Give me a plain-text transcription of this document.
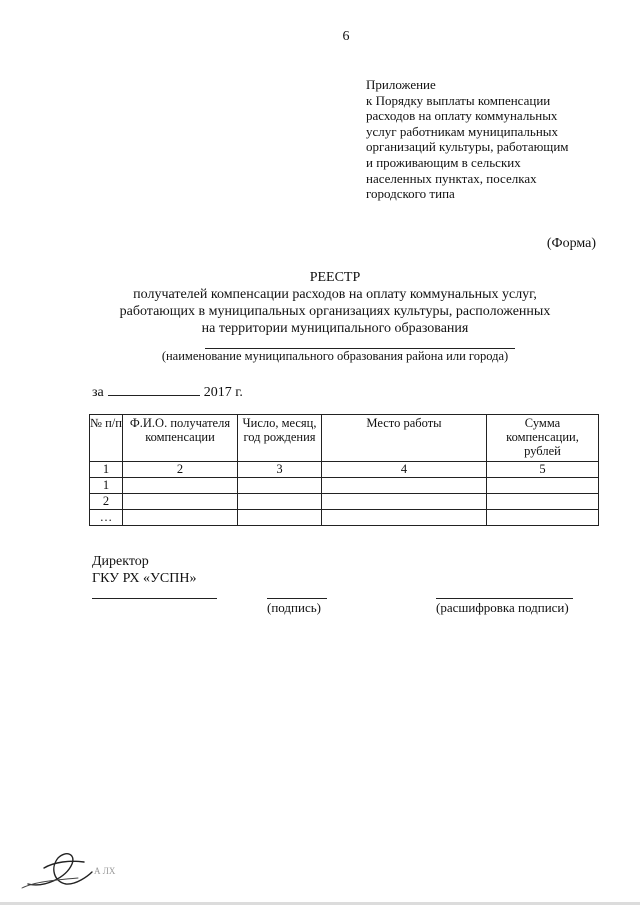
6
Приложение
к Порядку выплаты компенсации
расходов на оплату коммунальных
услуг работникам муниципальных
организаций культуры, работающим
и проживающим в сельских
населенных пунктах, поселках
городского типа
(Форма)
РЕЕСТР
получателей компенсации расходов на оплату коммунальных услуг,
работающих в муниципальных организациях культуры, расположенных
на территории муниципального образования
(наименование муниципального образования района или города)
за	2017 г.
№ п/п	Ф.И.О. получателя компенсации	Число, месяц, год рождения	Место работы	Сумма компенсации, рублей
1	2	3	4	5
1				
2				
…				
Директор
ГКУ РХ «УСПН»
(подпись)	(расшифровка подписи)
А ЛХ
